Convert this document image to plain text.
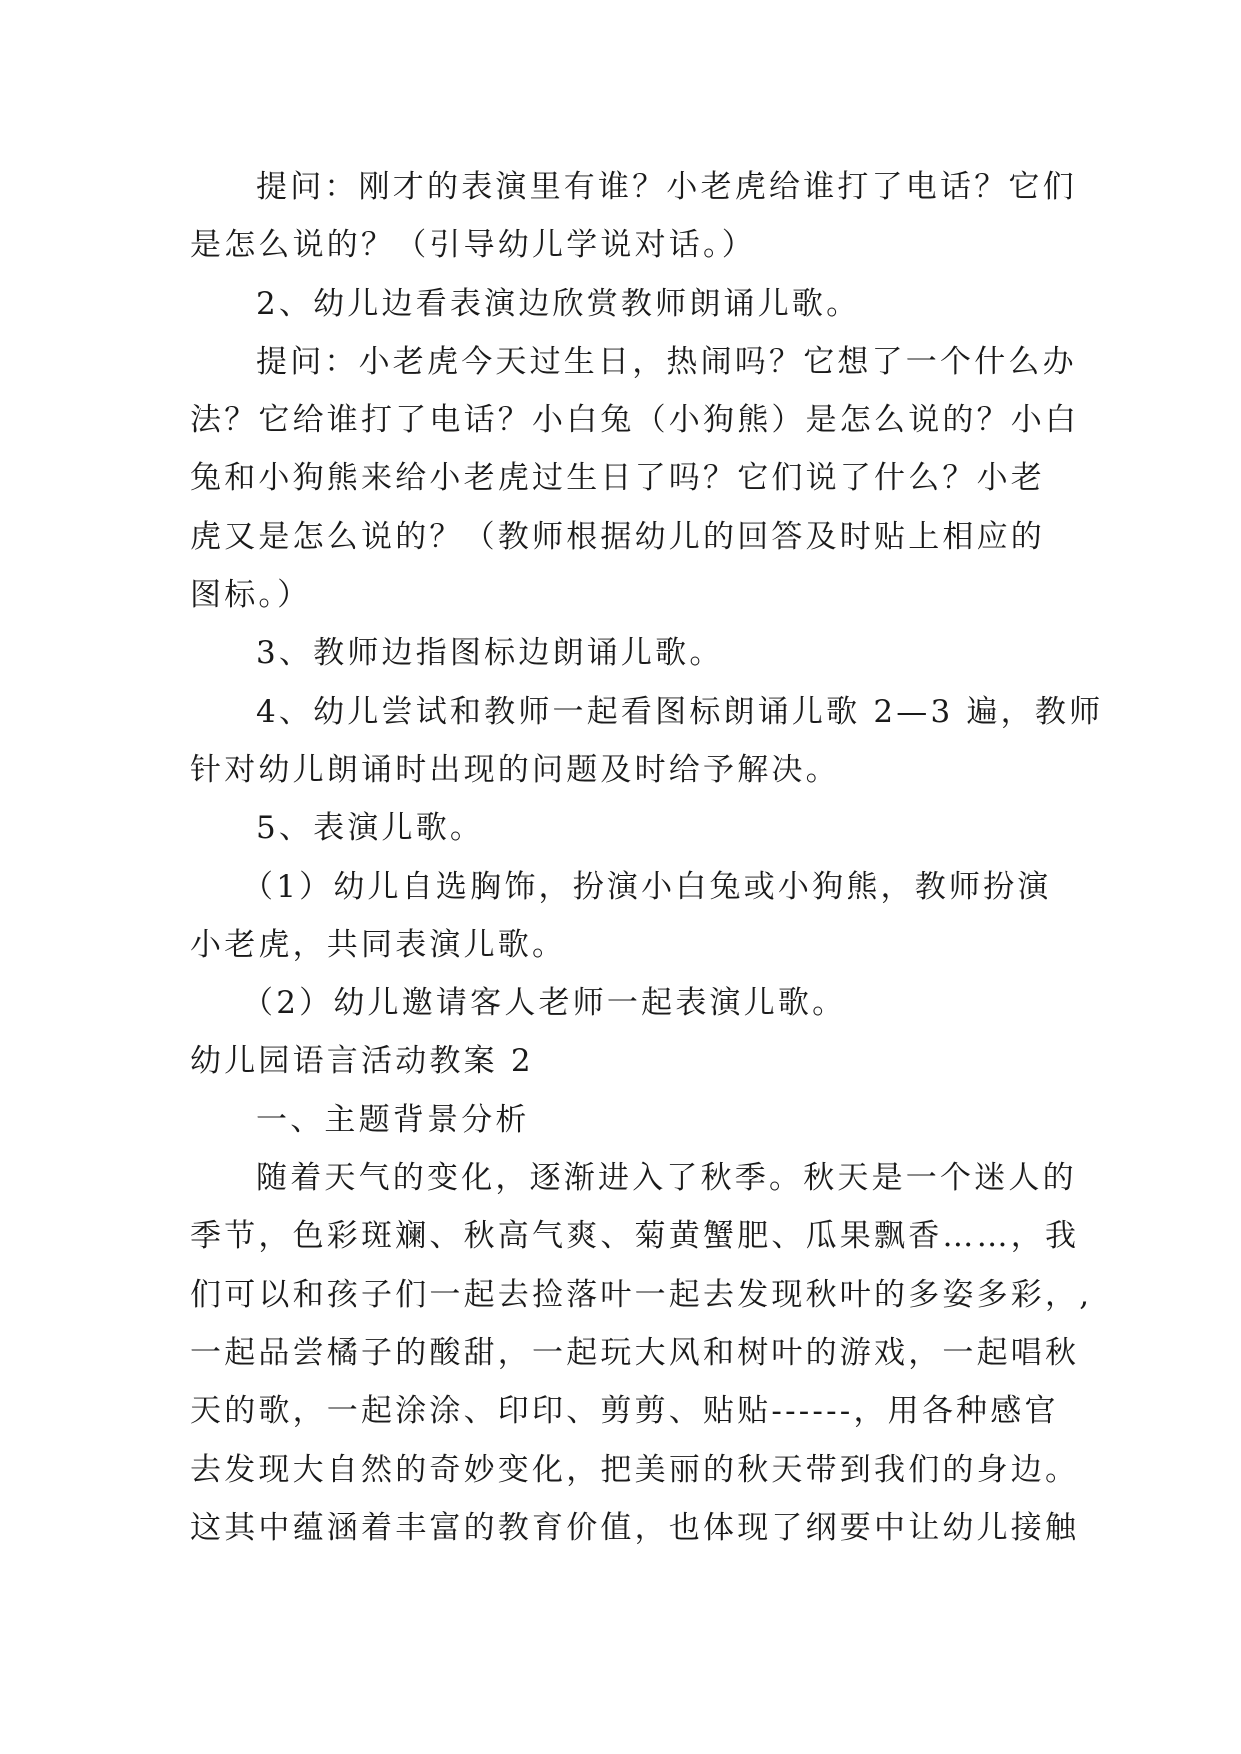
提问：刚才的表演里有谁？小老虎给谁打了电话？它们
是怎么说的？（引导幼儿学说对话。）
2、幼儿边看表演边欣赏教师朗诵儿歌。
提问：小老虎今天过生日，热闹吗？它想了一个什么办
法？它给谁打了电话？小白兔（小狗熊）是怎么说的？小白
兔和小狗熊来给小老虎过生日了吗？它们说了什么？小老
虎又是怎么说的？（教师根据幼儿的回答及时贴上相应的
图标。）
3、教师边指图标边朗诵儿歌。
4、幼儿尝试和教师一起看图标朗诵儿歌 2—3 遍，教师
针对幼儿朗诵时出现的问题及时给予解决。
5、表演儿歌。
（1）幼儿自选胸饰，扮演小白兔或小狗熊，教师扮演
小老虎，共同表演儿歌。
（2）幼儿邀请客人老师一起表演儿歌。
幼儿园语言活动教案 2
一、主题背景分析
随着天气的变化，逐渐进入了秋季。秋天是一个迷人的
季节，色彩斑斓、秋高气爽、菊黄蟹肥、瓜果飘香……，我
们可以和孩子们一起去捡落叶一起去发现秋叶的多姿多彩，,
一起品尝橘子的酸甜，一起玩大风和树叶的游戏，一起唱秋
天的歌，一起涂涂、印印、剪剪、贴贴------，用各种感官
去发现大自然的奇妙变化，把美丽的秋天带到我们的身边。
这其中蕴涵着丰富的教育价值，也体现了纲要中让幼儿接触
